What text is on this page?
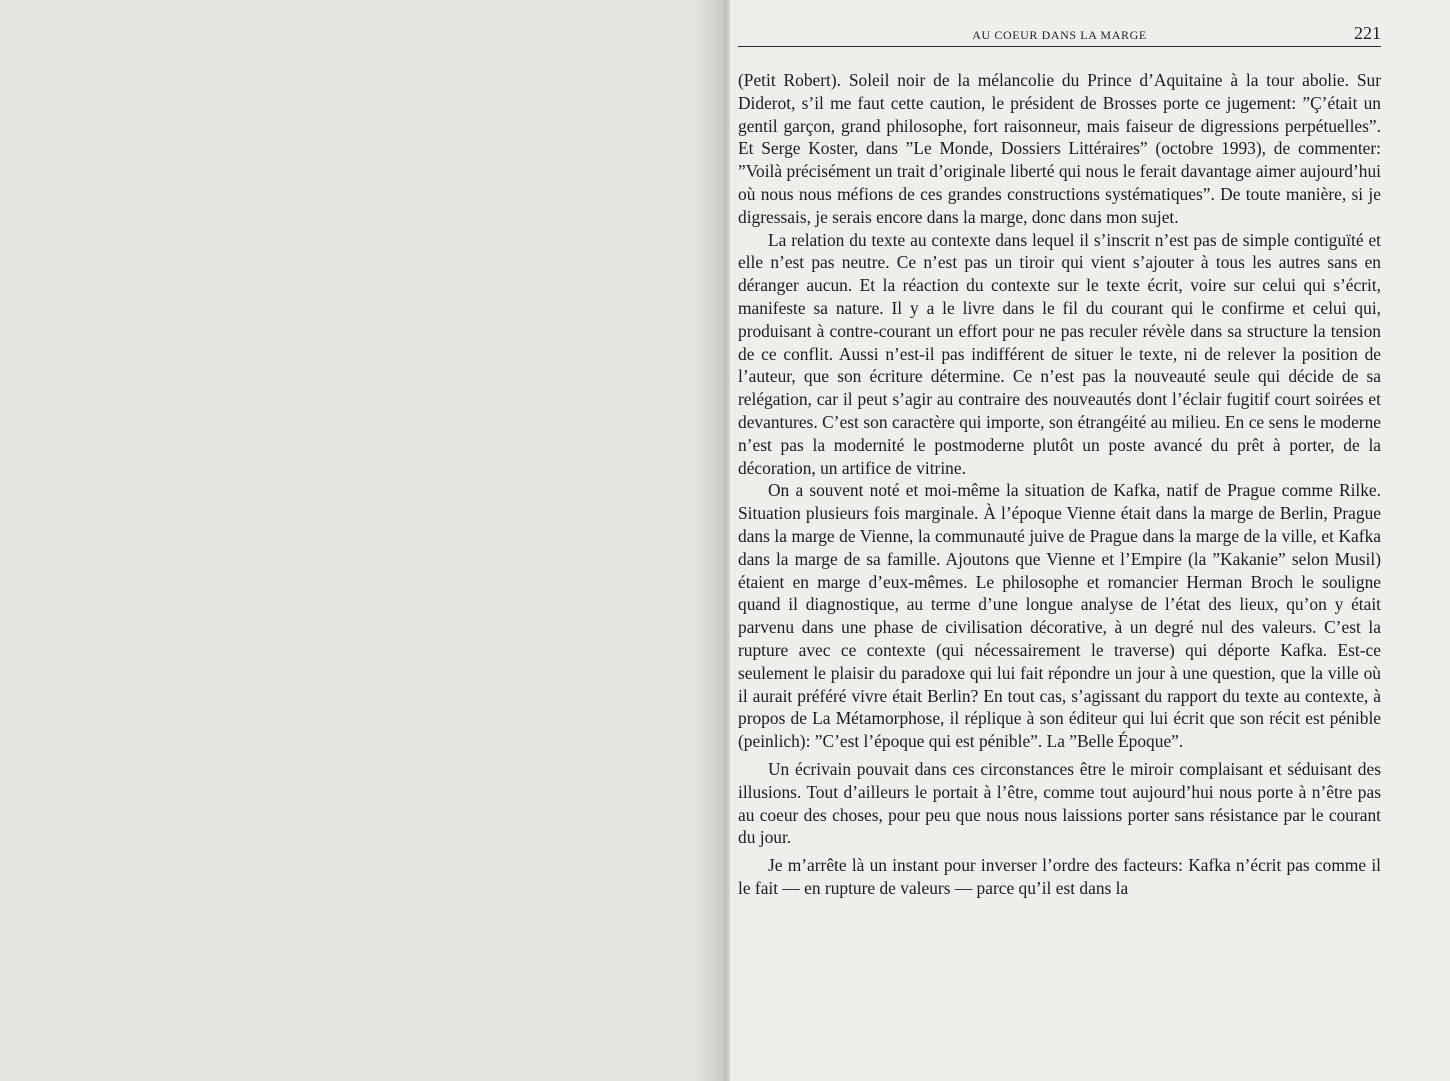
AU COEUR DANS LA MARGE	221

(Petit Robert). Soleil noir de la mélancolie du Prince d’Aquitaine à la tour abolie. Sur Diderot, s’il me faut cette caution, le président de Brosses porte ce jugement: ”Ç’était un gentil garçon, grand philosophe, fort raisonneur, mais faiseur de digressions perpétuelles”. Et Serge Koster, dans ”Le Monde, Dossiers Littéraires” (octobre 1993), de commenter: ”Voilà précisément un trait d’originale liberté qui nous le ferait davantage aimer aujourd’hui où nous nous méfions de ces grandes constructions systématiques”. De toute manière, si je digressais, je serais encore dans la marge, donc dans mon sujet.

La relation du texte au contexte dans lequel il s’inscrit n’est pas de simple contiguïté et elle n’est pas neutre. Ce n’est pas un tiroir qui vient s’ajouter à tous les autres sans en déranger aucun. Et la réaction du contexte sur le texte écrit, voire sur celui qui s’écrit, manifeste sa nature. Il y a le livre dans le fil du courant qui le confirme et celui qui, produisant à contre-courant un effort pour ne pas reculer révèle dans sa structure la tension de ce conflit. Aussi n’est-il pas indifférent de situer le texte, ni de relever la position de l’auteur, que son écriture détermine. Ce n’est pas la nouveauté seule qui décide de sa relégation, car il peut s’agir au contraire des nouveautés dont l’éclair fugitif court soirées et devantures. C’est son caractère qui importe, son étrangéité au milieu. En ce sens le moderne n’est pas la modernité le postmoderne plutôt un poste avancé du prêt à porter, de la décoration, un artifice de vitrine.

On a souvent noté et moi-même la situation de Kafka, natif de Prague comme Rilke. Situation plusieurs fois marginale. À l’époque Vienne était dans la marge de Berlin, Prague dans la marge de Vienne, la communauté juive de Prague dans la marge de la ville, et Kafka dans la marge de sa famille. Ajoutons que Vienne et l’Empire (la ”Kakanie” selon Musil) étaient en marge d’eux-mêmes. Le philosophe et romancier Herman Broch le souligne quand il diagnostique, au terme d’une longue analyse de l’état des lieux, qu’on y était parvenu dans une phase de civilisation décorative, à un degré nul des valeurs. C’est la rupture avec ce contexte (qui nécessairement le traverse) qui déporte Kafka. Est-ce seulement le plaisir du paradoxe qui lui fait répondre un jour à une question, que la ville où il aurait préféré vivre était Berlin? En tout cas, s’agissant du rapport du texte au contexte, à propos de La Métamorphose, il réplique à son éditeur qui lui écrit que son récit est pénible (peinlich): ”C’est l’époque qui est pénible”. La ”Belle Époque”.

Un écrivain pouvait dans ces circonstances être le miroir complaisant et séduisant des illusions. Tout d’ailleurs le portait à l’être, comme tout aujourd’hui nous porte à n’être pas au coeur des choses, pour peu que nous nous laissions porter sans résistance par le courant du jour.

Je m’arrête là un instant pour inverser l’ordre des facteurs: Kafka n’écrit pas comme il le fait — en rupture de valeurs — parce qu’il est dans la
